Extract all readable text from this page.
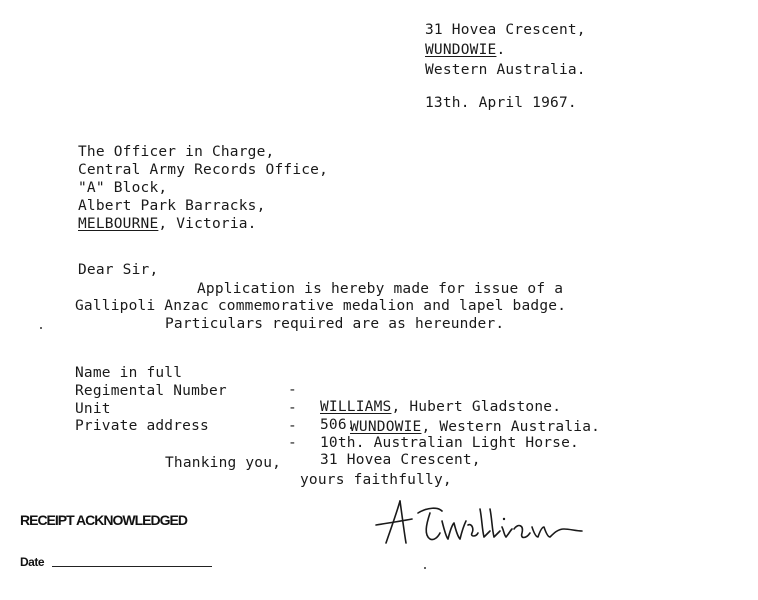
31 Hovea Crescent,
WUNDOWIE.
Western Australia.
13th. April 1967.
The Officer in Charge,
Central Army Records Office,
"A" Block,
Albert Park Barracks,
MELBOURNE, Victoria.
Dear Sir,
Application is hereby made for issue of a
Gallipoli Anzac commemorative medalion and lapel badge.
Particulars required are as hereunder.

Name in full

-

WILLIAMS, Hubert Gladstone.

Regimental Number

-

506.

Unit

-

10th. Australian Light Horse.

Private address

-

31 Hovea Crescent,

WUNDOWIE, Western Australia.
Thanking you,
yours faithfully,
RECEIPT ACKNOWLEDGED
Date
